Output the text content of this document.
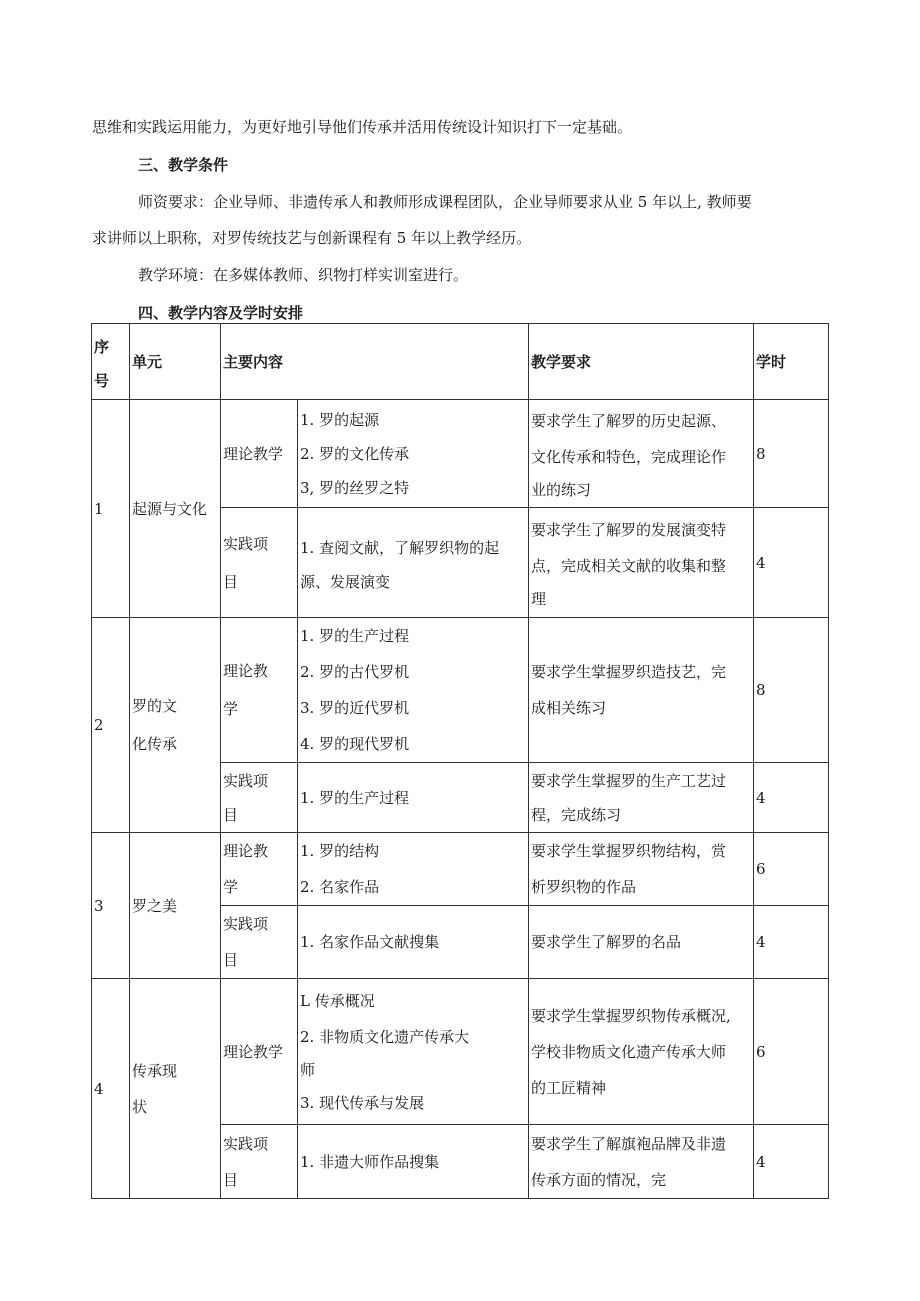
思维和实践运用能力，为更好地引导他们传承并活用传统设计知识打下一定基础。
三、教学条件
师资要求：企业导师、非遗传承人和教师形成课程团队，企业导师要求从业 5 年以上, 教师要
求讲师以上职称，对罗传统技艺与创新课程有 5 年以上教学经历。
教学环境：在多媒体教师、织物打样实训室进行。
四、教学内容及学时安排
序
号	单元	主要内容		教学要求	学时
1	起源与文化	理论教学	1. 罗的起源
2. 罗的文化传承
3, 罗的丝罗之特	要求学生了解罗的历史起源、
文化传承和特色，完成理论作
业的练习	8

		实践项
目	1. 查阅文献，了解罗织物的起
源、发展演变	要求学生了解罗的发展演变特
点，完成相关文献的收集和整
理	4
2	罗的文
化传承	理论教
学	1. 罗的生产过程
2. 罗的古代罗机
3. 罗的近代罗机
4. 罗的现代罗机	要求学生掌握罗织造技艺，完
成相关练习	8

		实践项
目	1. 罗的生产过程	要求学生掌握罗的生产工艺过
程，完成练习	4
3	罗之美	理论教
学	1. 罗的结构
2. 名家作品	要求学生掌握罗织物结构，赏
析罗织物的作品	6

		实践项
目	1. 名家作品文献搜集	要求学生了解罗的名品	4
4	传承现
状	理论教学	L 传承概况
2. 非物质文化遗产传承大
师
3. 现代传承与发展	要求学生掌握罗织物传承概况,
学校非物质文化遗产传承大师
的工匠精神	6

		实践项
目	1. 非遗大师作品搜集	要求学生了解旗袍品牌及非遗
传承方面的情况，完	4
